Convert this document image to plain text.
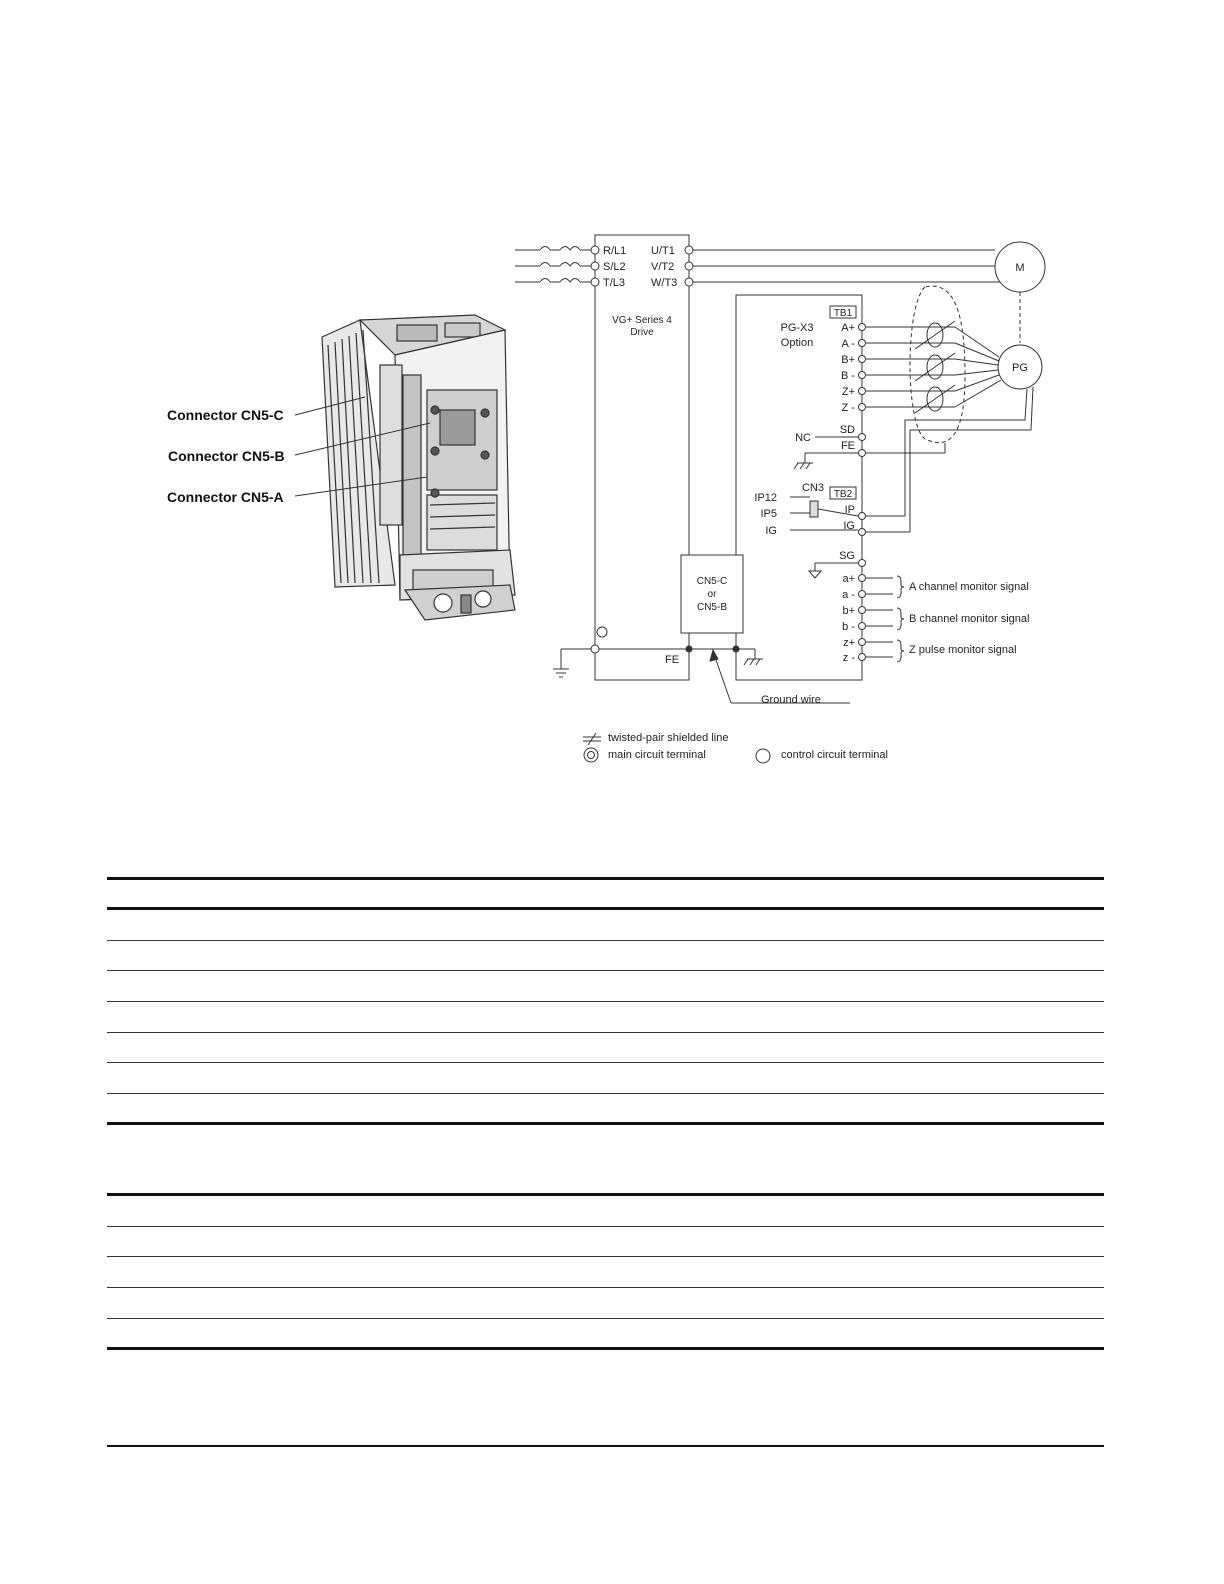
Connector CN5-C
Connector CN5-B
Connector CN5-A
R/L1
S/L2
T/L3
U/T1
V/T2
W/T3
VG+ Series 4
Drive
FE
CN5-C
or
CN5-B
M
PG
TB1
PG-X3
Option
A+
A -
B+
B -
Z+
Z -
SD
FE
NC
CN3
TB2
IP12
IP5
IG
IP
IG
SG
a+
a -
b+
b -
z+
z -
A channel monitor signal
B channel monitor signal
Z pulse monitor signal
Ground wire
twisted-pair shielded line
main circuit terminal	control circuit terminal
